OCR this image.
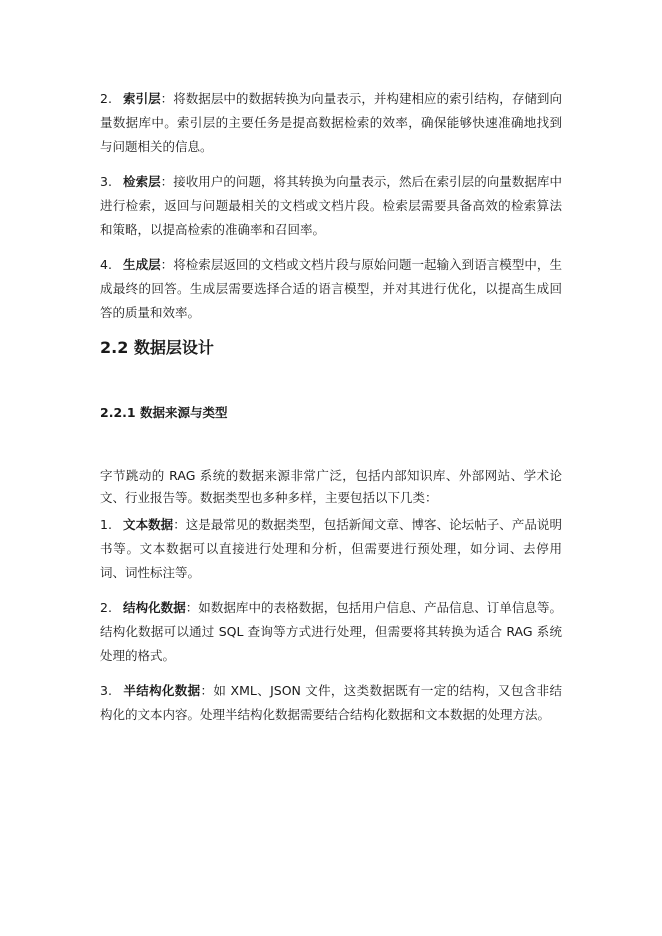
2. 索引层：将数据层中的数据转换为向量表示，并构建相应的索引结构，存储到向量数据库中。索引层的主要任务是提高数据检索的效率，确保能够快速准确地找到与问题相关的信息。
3. 检索层：接收用户的问题，将其转换为向量表示，然后在索引层的向量数据库中进行检索，返回与问题最相关的文档或文档片段。检索层需要具备高效的检索算法和策略，以提高检索的准确率和召回率。
4. 生成层：将检索层返回的文档或文档片段与原始问题一起输入到语言模型中，生成最终的回答。生成层需要选择合适的语言模型，并对其进行优化，以提高生成回答的质量和效率。
2.2 数据层设计
2.2.1 数据来源与类型
字节跳动的 RAG 系统的数据来源非常广泛，包括内部知识库、外部网站、学术论文、行业报告等。数据类型也多种多样，主要包括以下几类：
1. 文本数据：这是最常见的数据类型，包括新闻文章、博客、论坛帖子、产品说明书等。文本数据可以直接进行处理和分析，但需要进行预处理，如分词、去停用词、词性标注等。
2. 结构化数据：如数据库中的表格数据，包括用户信息、产品信息、订单信息等。结构化数据可以通过 SQL 查询等方式进行处理，但需要将其转换为适合 RAG 系统处理的格式。
3. 半结构化数据：如 XML、JSON 文件，这类数据既有一定的结构，又包含非结构化的文本内容。处理半结构化数据需要结合结构化数据和文本数据的处理方法。
